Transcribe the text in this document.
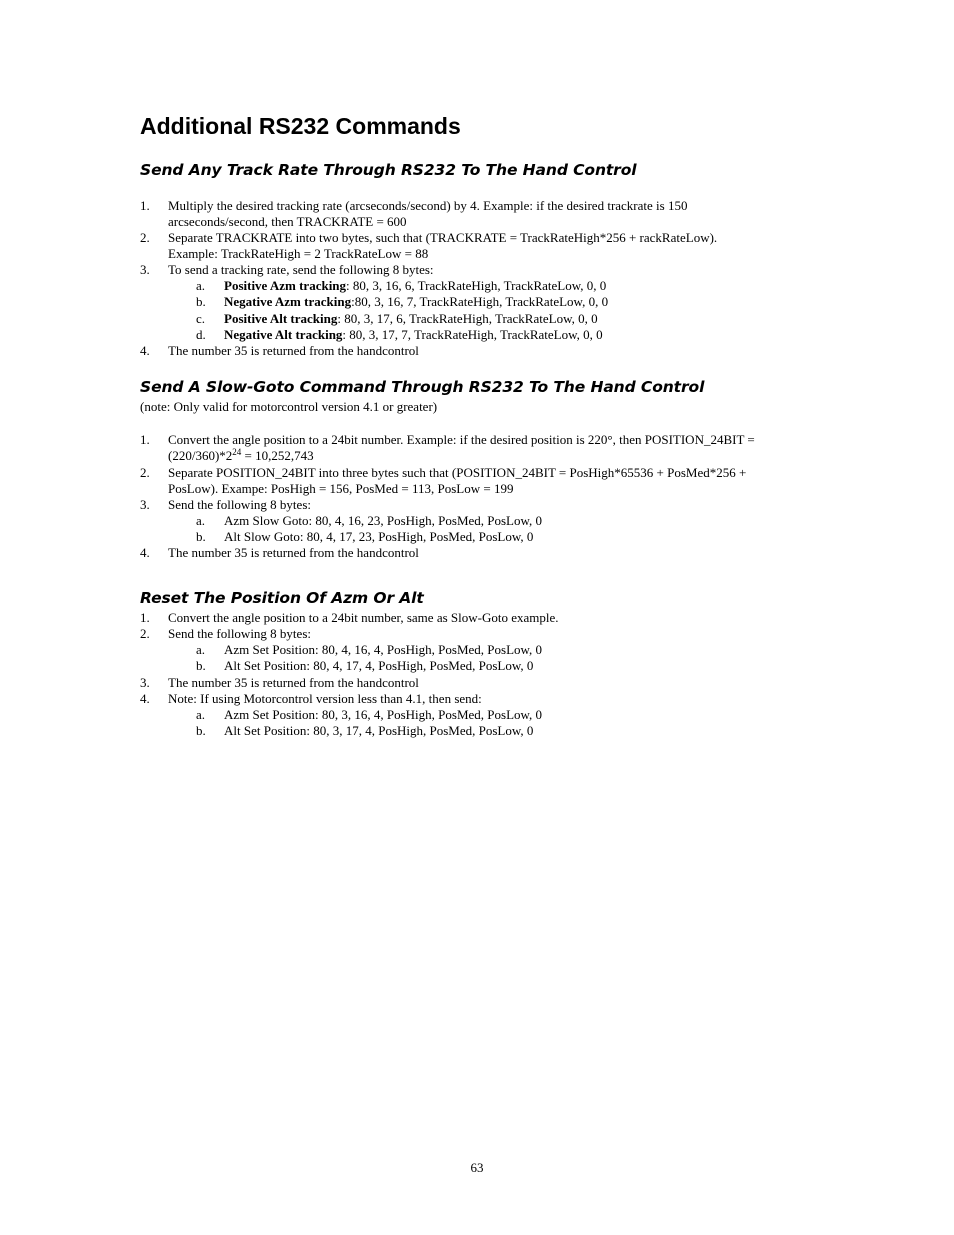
Additional RS232 Commands
Send Any Track Rate Through RS232 To The Hand Control
1. Multiply the desired tracking rate (arcseconds/second) by 4. Example: if the desired trackrate is 150
arcseconds/second, then TRACKRATE = 600
2. Separate TRACKRATE into two bytes, such that (TRACKRATE = TrackRateHigh*256 + rackRateLow).
Example: TrackRateHigh = 2 TrackRateLow = 88
3. To send a tracking rate, send the following 8 bytes:
a. Positive Azm tracking: 80, 3, 16, 6, TrackRateHigh, TrackRateLow, 0, 0
b. Negative Azm tracking:80, 3, 16, 7, TrackRateHigh, TrackRateLow, 0, 0
c. Positive Alt tracking: 80, 3, 17, 6, TrackRateHigh, TrackRateLow, 0, 0
d. Negative Alt tracking: 80, 3, 17, 7, TrackRateHigh, TrackRateLow, 0, 0
4. The number 35 is returned from the handcontrol
Send A Slow-Goto Command Through RS232 To The Hand Control
(note: Only valid for motorcontrol version 4.1 or greater)
1. Convert the angle position to a 24bit number. Example: if the desired position is 220°, then POSITION_24BIT =
$(220/360)*2^{24} = 10,252,743$
2. Separate POSITION_24BIT into three bytes such that (POSITION_24BIT = PosHigh*65536 + PosMed*256 +
PosLow). Exampe: PosHigh = 156, PosMed = 113, PosLow = 199
3. Send the following 8 bytes:
a. Azm Slow Goto: 80, 4, 16, 23, PosHigh, PosMed, PosLow, 0
b. Alt Slow Goto: 80, 4, 17, 23, PosHigh, PosMed, PosLow, 0
4. The number 35 is returned from the handcontrol
Reset The Position Of Azm Or Alt
1. Convert the angle position to a 24bit number, same as Slow-Goto example.
2. Send the following 8 bytes:
a. Azm Set Position: 80, 4, 16, 4, PosHigh, PosMed, PosLow, 0
b. Alt Set Position: 80, 4, 17, 4, PosHigh, PosMed, PosLow, 0
3. The number 35 is returned from the handcontrol
4. Note: If using Motorcontrol version less than 4.1, then send:
a. Azm Set Position: 80, 3, 16, 4, PosHigh, PosMed, PosLow, 0
b. Alt Set Position: 80, 3, 17, 4, PosHigh, PosMed, PosLow, 0
63
